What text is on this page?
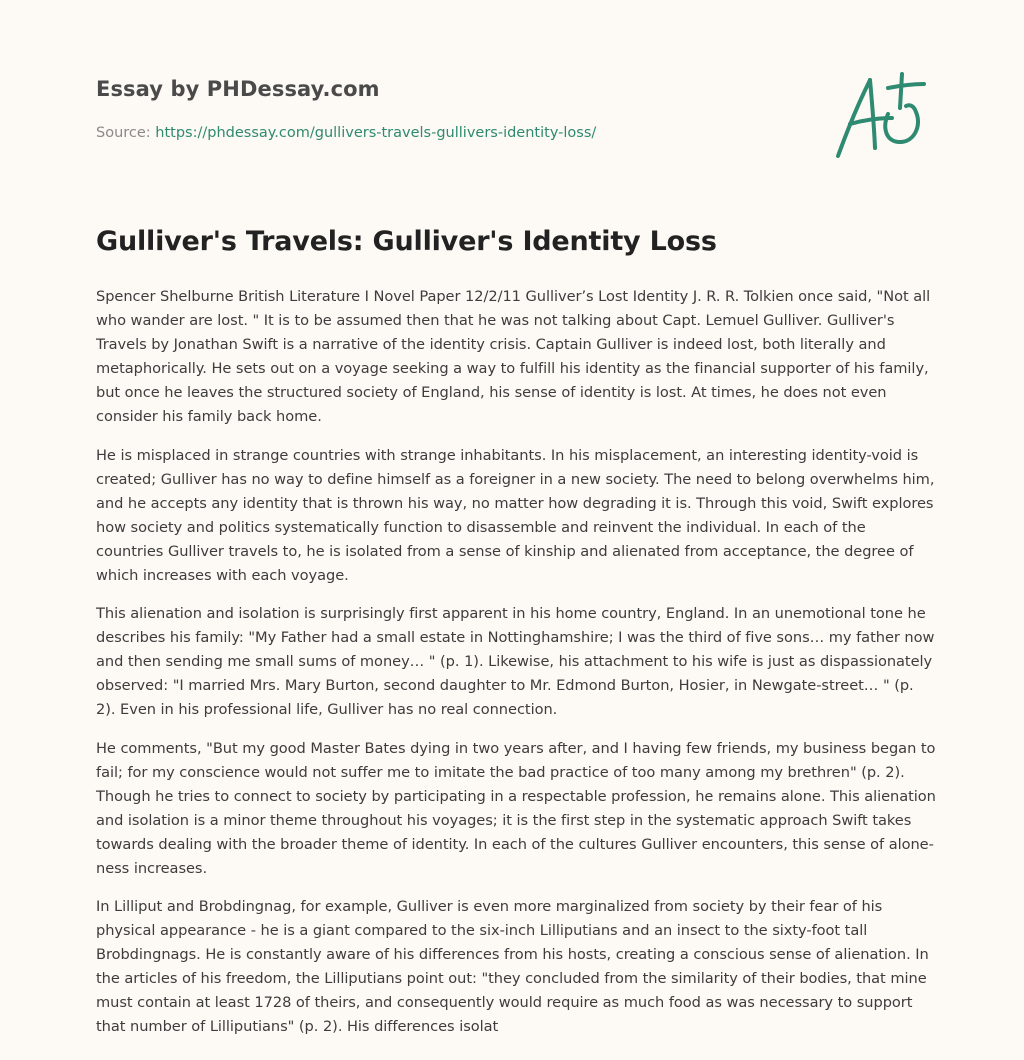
Essay by PHDessay.com
Source: https://phdessay.com/gullivers-travels-gullivers-identity-loss/
Gulliver's Travels: Gulliver's Identity Loss

Spencer Shelburne British Literature I Novel Paper 12/2/11 Gulliver’s Lost Identity J. R. R. Tolkien once said, "Not all who wander are lost. " It is to be assumed then that he was not talking about Capt. Lemuel Gulliver. Gulliver's Travels by Jonathan Swift is a narrative of the identity crisis. Captain Gulliver is indeed lost, both literally and metaphorically. He sets out on a voyage seeking a way to fulfill his identity as the financial supporter of his family, but once he leaves the structured society of England, his sense of identity is lost. At times, he does not even consider his family back home.

He is misplaced in strange countries with strange inhabitants. In his misplacement, an interesting identity-void is created; Gulliver has no way to define himself as a foreigner in a new society. The need to belong overwhelms him, and he accepts any identity that is thrown his way, no matter how degrading it is. Through this void, Swift explores how society and politics systematically function to disassemble and reinvent the individual. In each of the countries Gulliver travels to, he is isolated from a sense of kinship and alienated from acceptance, the degree of which increases with each voyage.

This alienation and isolation is surprisingly first apparent in his home country, England. In an unemotional tone he describes his family: "My Father had a small estate in Nottinghamshire; I was the third of five sons… my father now and then sending me small sums of money… " (p. 1). Likewise, his attachment to his wife is just as dispassionately observed: "I married Mrs. Mary Burton, second daughter to Mr. Edmond Burton, Hosier, in Newgate-street… " (p. 2). Even in his professional life, Gulliver has no real connection.

He comments, "But my good Master Bates dying in two years after, and I having few friends, my business began to fail; for my conscience would not suffer me to imitate the bad practice of too many among my brethren" (p. 2). Though he tries to connect to society by participating in a respectable profession, he remains alone. This alienation and isolation is a minor theme throughout his voyages; it is the first step in the systematic approach Swift takes towards dealing with the broader theme of identity. In each of the cultures Gulliver encounters, this sense of alone-ness increases.

In Lilliput and Brobdingnag, for example, Gulliver is even more marginalized from society by their fear of his physical appearance - he is a giant compared to the six-inch Lilliputians and an insect to the sixty-foot tall Brobdingnags. He is constantly aware of his differences from his hosts, creating a conscious sense of alienation. In the articles of his freedom, the Lilliputians point out: "they concluded from the similarity of their bodies, that mine must contain at least 1728 of theirs, and consequently would require as much food as was necessary to support that number of Lilliputians" (p. 2). His differences isolat
